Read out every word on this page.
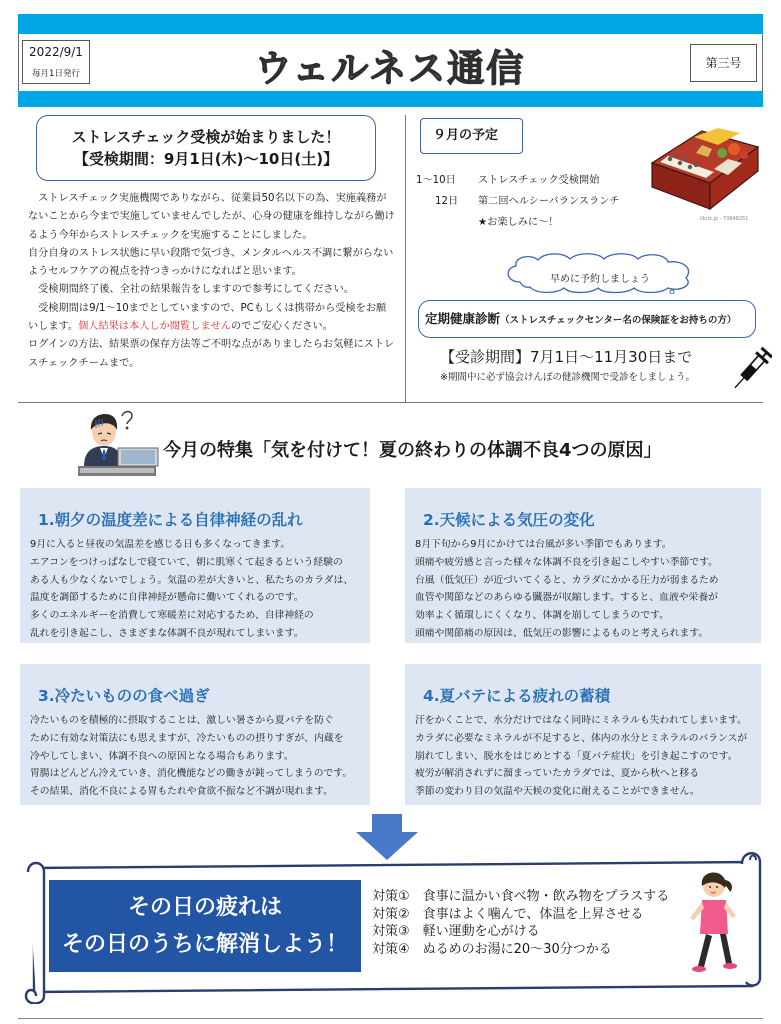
2022/9/1
毎月1日発行	ウェルネス通信	第三号
ストレスチェック受検が始まりました！
【受検期間：9月1日(木)～10日(土)】

　ストレスチェック実施機関でありながら、従業員50名以下の為、実施義務がないことから今まで実施していませんでしたが、心身の健康を維持しながら働けるよう今年からストレスチェックを実施することにしました。

自分自身のストレス状態に早い段階で気づき、メンタルヘルス不調に繋がらないようセルフケアの視点を持つきっかけになればと思います。

　受検期間終了後、全社の結果報告をしますので参考にしてください。

　受検期間は9/1～10までとしていますので、PCもしくは携帯から受検をお願いします。個人結果は本人しか閲覧しませんのでご安心ください。

ログインの方法、結果票の保存方法等ご不明な点がありましたらお気軽にストレスチェックチームまで。

９月の予定
1～10日 ストレスチェック受検開始
12日 第二回ヘルシーバランスランチ
★お楽しみに～！	illust.jp - 70848251
早めに予約しましょう
定期健康診断（ストレスチェックセンター名の保険証をお持ちの方）
【受診期間】7月1日～11月30日まで
※期間中に必ず協会けんぽの健診機関で受診をしましょう。
今月の特集「気を付けて！夏の終わりの体調不良4つの原因」
1.朝夕の温度差による自律神経の乱れ

9月に入ると昼夜の気温差を感じる日も多くなってきます。

エアコンをつけっぱなしで寝ていて、朝に肌寒くて起きるという経験の

ある人も少なくないでしょう。気温の差が大きいと、私たちのカラダは、

温度を調節するために自律神経が懸命に働いてくれるのです。

多くのエネルギーを消費して寒暖差に対応するため、自律神経の

乱れを引き起こし、さまざまな体調不良が現れてしまいます。

2.天候による気圧の変化

8月下旬から9月にかけては台風が多い季節でもあります。

頭痛や疲労感と言った様々な体調不良を引き起こしやすい季節です。

台風（低気圧）が近づいてくると、カラダにかかる圧力が弱まるため

血管や関節などのあらゆる臓器が収縮します。すると、血液や栄養が

効率よく循環しにくくなり、体調を崩してしまうのです。

頭痛や関節痛の原因は、低気圧の影響によるものと考えられます。

3.冷たいものの食べ過ぎ

冷たいものを積極的に摂取することは、激しい暑さから夏バテを防ぐ

ために有効な対策法にも思えますが、冷たいものの摂りすぎが、内蔵を

冷やしてしまい、体調不良への原因となる場合もあります。

胃腸はどんどん冷えていき、消化機能などの働きが鈍ってしまうのです。

その結果、消化不良による胃もたれや食欲不振など不調が現れます。

4.夏バテによる疲れの蓄積

汗をかくことで、水分だけではなく同時にミネラルも失われてしまいます。

カラダに必要なミネラルが不足すると、体内の水分とミネラルのバランスが

崩れてしまい、脱水をはじめとする「夏バテ症状」を引き起こすのです。

疲労が解消されずに溜まっていたカラダでは、夏から秋へと移る

季節の変わり目の気温や天候の変化に耐えることができません。

その日の疲れは
その日のうちに解消しよう！
対策①　食事に温かい食べ物・飲み物をプラスする
対策②　食事はよく噛んで、体温を上昇させる
対策③　軽い運動を心がける
対策④　ぬるめのお湯に20～30分つかる
